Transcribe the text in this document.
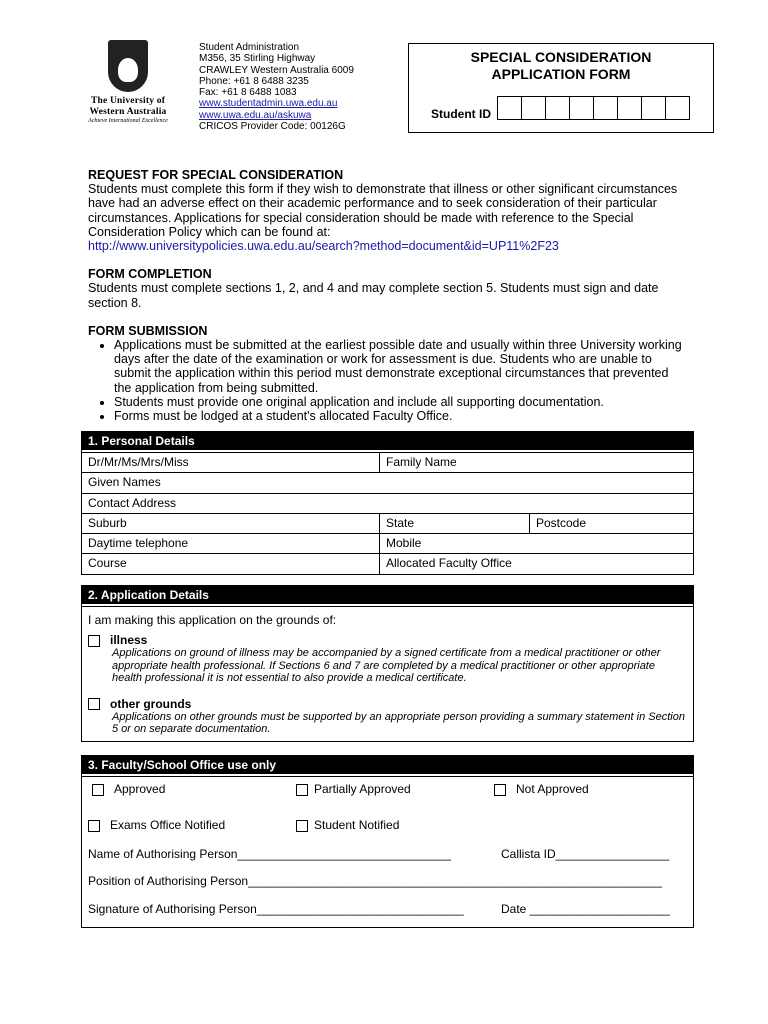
The University of
Western Australia
Achieve International Excellence
Student Administration
M356, 35 Stirling Highway
CRAWLEY Western Australia 6009
Phone: +61 8 6488 3235
Fax: +61 8 6488 1083
www.studentadmin.uwa.edu.au
www.uwa.edu.au/askuwa
CRICOS Provider Code: 00126G
SPECIAL CONSIDERATION
APPLICATION FORM
Student ID
REQUEST FOR SPECIAL CONSIDERATION

Students must complete this form if they wish to demonstrate that illness or other significant circumstances have had an adverse effect on their academic performance and to seek consideration of their particular circumstances. Applications for special consideration should be made with reference to the Special Consideration Policy which can be found at:

http://www.universitypolicies.uwa.edu.au/search?method=document&id=UP11%2F23
FORM COMPLETION

Students must complete sections 1, 2, and 4 and may complete section 5. Students must sign and date section 8.

FORM SUBMISSION
• Applications must be submitted at the earliest possible date and usually within three University working days after the date of the examination or work for assessment is due. Students who are unable to submit the application within this period must demonstrate exceptional circumstances that prevented the application from being submitted.
• Students must provide one original application and include all supporting documentation.
• Forms must be lodged at a student's allocated Faculty Office.
1. Personal Details
Dr/Mr/Ms/Mrs/Miss	Family Name
Given Names
Contact Address
Suburb	State	Postcode
Daytime telephone	Mobile
Course	Allocated Faculty Office
2. Application Details
I am making this application on the grounds of:
illness
Applications on ground of illness may be accompanied by a signed certificate from a medical practitioner or other appropriate health professional. If Sections 6 and 7 are completed by a medical practitioner or other appropriate health professional it is not essential to also provide a medical certificate.
other grounds
Applications on other grounds must be supported by an appropriate person providing a summary statement in Section 5 or on separate documentation.
3. Faculty/School Office use only
Approved	Partially Approved	Not Approved
Exams Office Notified	Student Notified
Name of Authorising Person________________________________	Callista ID_________________
Position of Authorising Person______________________________________________________________
Signature of Authorising Person_______________________________	Date _____________________
